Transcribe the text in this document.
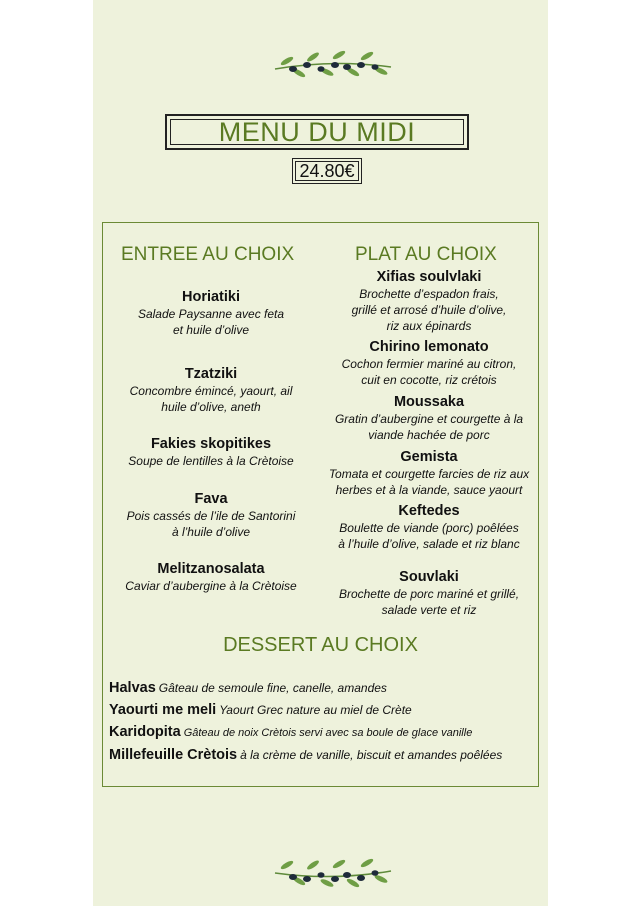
MENU DU MIDI
24.80€
ENTREE AU CHOIX
Horiatiki
Salade Paysanne avec feta
et huile d’olive
Tzatziki
Concombre émincé, yaourt, ail
huile d’olive, aneth
Fakies skopitikes
Soupe de lentilles à la Crètoise
Fava
Pois cassés de l’ile de Santorini
à l’huile d’olive
Melitzanosalata
Caviar d’aubergine à la Crètoise
PLAT AU CHOIX
Xifias soulvlaki
Brochette d’espadon frais,
grillé et arrosé d’huile d’olive,
riz aux épinards
Chirino lemonato
Cochon fermier mariné au citron,
cuit en cocotte, riz crétois
Moussaka
Gratin d’aubergine et courgette à la
viande hachée de porc
Gemista
Tomata et courgette farcies de riz aux
herbes et à la viande, sauce yaourt
Keftedes
Boulette de viande (porc) poêlées
à l’huile d’olive, salade et riz blanc
Souvlaki
Brochette de porc mariné et grillé,
salade verte et riz
DESSERT AU CHOIX
Halvas Gâteau de semoule fine, canelle, amandes
Yaourti me meli Yaourt Grec nature au miel de Crète
Karidopita Gâteau de noix Crètois servi avec sa boule de glace vanille
Millefeuille Crètois à la crème de vanille, biscuit et amandes poêlées
